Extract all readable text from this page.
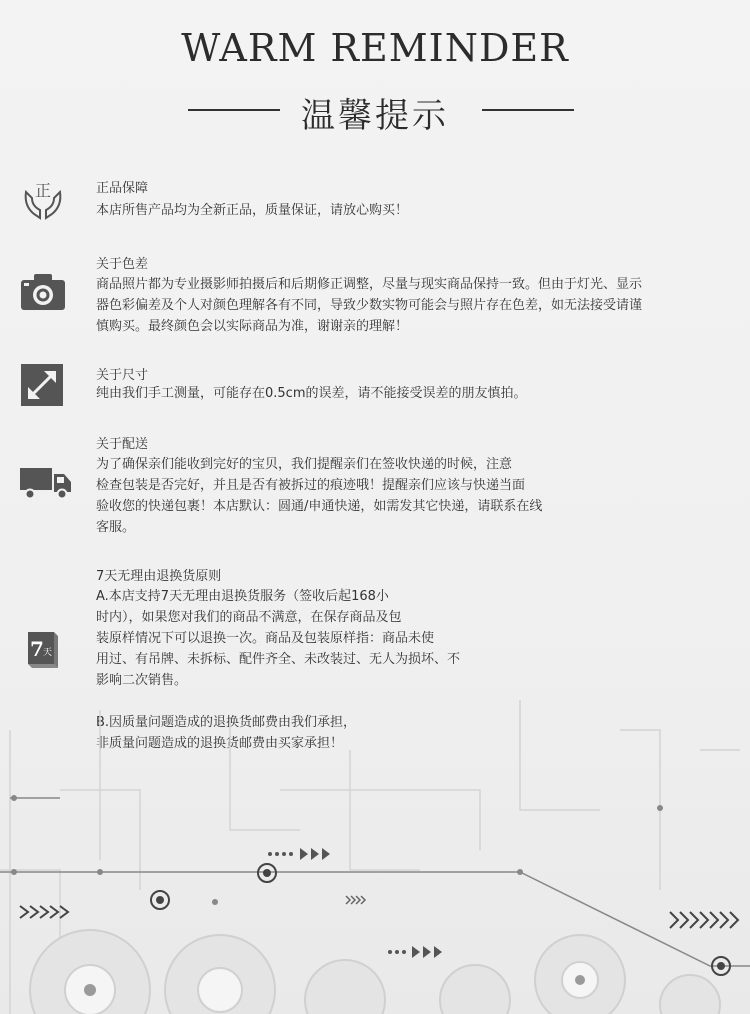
WARM REMINDER
温馨提示
正	正品保障

本店所售产品均为全新正品，质量保证，请放心购买！

关于色差

商品照片都为专业摄影师拍摄后和后期修正调整，尽量与现实商品保持一致。但由于灯光、显示

器色彩偏差及个人对颜色理解各有不同，导致少数实物可能会与照片存在色差，如无法接受请谨

慎购买。最终颜色会以实际商品为准，谢谢亲的理解！

关于尺寸

纯由我们手工测量，可能存在0.5cm的误差，请不能接受误差的朋友慎拍。

关于配送

为了确保亲们能收到完好的宝贝，我们提醒亲们在签收快递的时候，注意

检查包装是否完好，并且是否有被拆过的痕迹哦！提醒亲们应该与快递当面

验收您的快递包裹！本店默认：圆通/申通快递，如需发其它快递，请联系在线

客服。

7 天
7天无理由退换货原则

A.本店支持7天无理由退换货服务（签收后起168小

时内），如果您对我们的商品不满意，在保存商品及包

装原样情况下可以退换一次。商品及包装原样指：商品未使

用过、有吊牌、未拆标、配件齐全、未改装过、无人为损坏、不

影响二次销售。

B.因质量问题造成的退换货邮费由我们承担，

非质量问题造成的退换货邮费由买家承担！
